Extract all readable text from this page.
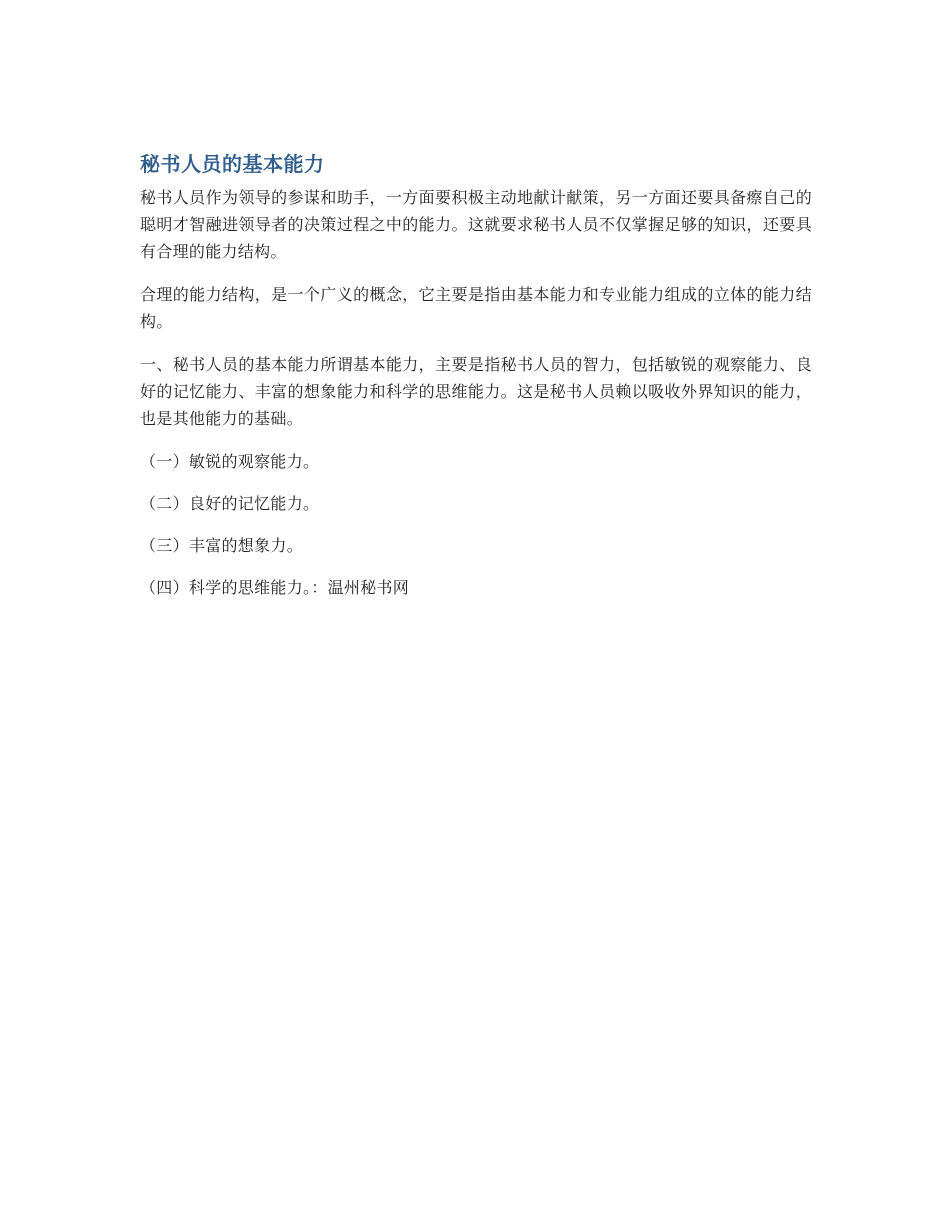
秘书人员的基本能力

秘书人员作为领导的参谋和助手，一方面要积极主动地献计献策，另一方面还要具备瘵自己的聪明才智融进领导者的决策过程之中的能力。这就要求秘书人员不仅掌握足够的知识，还要具有合理的能力结构。

合理的能力结构，是一个广义的概念，它主要是指由基本能力和专业能力组成的立体的能力结构。

一、秘书人员的基本能力所谓基本能力，主要是指秘书人员的智力，包括敏锐的观察能力、良好的记忆能力、丰富的想象能力和科学的思维能力。这是秘书人员赖以吸收外界知识的能力，也是其他能力的基础。

（一）敏锐的观察能力。

（二）良好的记忆能力。

（三）丰富的想象力。

（四）科学的思维能力。：温州秘书网
